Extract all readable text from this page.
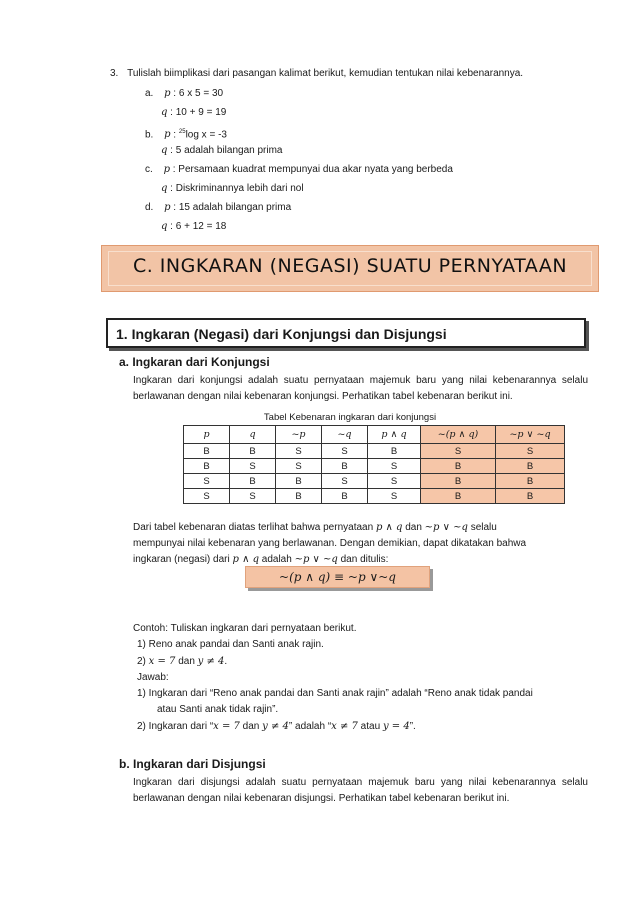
3. Tulislah biimplikasi dari pasangan kalimat berikut, kemudian tentukan nilai kebenarannya.
a. p : 6 x 5 = 30
q : 10 + 9 = 19
b. p : $^{25}$log x = -3
q : 5 adalah bilangan prima
c. p : Persamaan kuadrat mempunyai dua akar nyata yang berbeda
q : Diskriminannya lebih dari nol
d. p : 15 adalah bilangan prima
q : 6 + 12 = 18
C. INGKARAN (NEGASI) SUATU PERNYATAAN
1. Ingkaran (Negasi) dari Konjungsi dan Disjungsi
a. Ingkaran dari Konjungsi
Ingkaran dari konjungsi adalah suatu pernyataan majemuk baru yang nilai kebenarannya selalu berlawanan dengan nilai kebenaran konjungsi. Perhatikan tabel kebenaran berikut ini.
Tabel Kebenaran ingkaran dari konjungsi
p	q	~p	~q	p ∧ q	~(p ∧ q)	~p ∨ ~q
B	B	S	S	B	S	S
B	S	S	B	S	B	B
S	B	B	S	S	B	B
S	S	B	B	S	B	B
Dari tabel kebenaran diatas terlihat bahwa pernyataan p ∧ q dan ~p ∨ ~q selalu
mempunyai nilai kebenaran yang berlawanan. Dengan demikian, dapat dikatakan bahwa
ingkaran (negasi) dari p ∧ q adalah ~p ∨ ~q dan ditulis:
~(p ∧ q) ≡ ~p ∨~q
Contoh: Tuliskan ingkaran dari pernyataan berikut.
1) Reno anak pandai dan Santi anak rajin.
2) x = 7 dan y ≠ 4.
Jawab:
1) Ingkaran dari “Reno anak pandai dan Santi anak rajin” adalah “Reno anak tidak pandai
atau Santi anak tidak rajin”.
2) Ingkaran dari “x = 7 dan y ≠ 4” adalah “x ≠ 7 atau y = 4”.
b. Ingkaran dari Disjungsi
Ingkaran dari disjungsi adalah suatu pernyataan majemuk baru yang nilai kebenarannya selalu berlawanan dengan nilai kebenaran disjungsi. Perhatikan tabel kebenaran berikut ini.
